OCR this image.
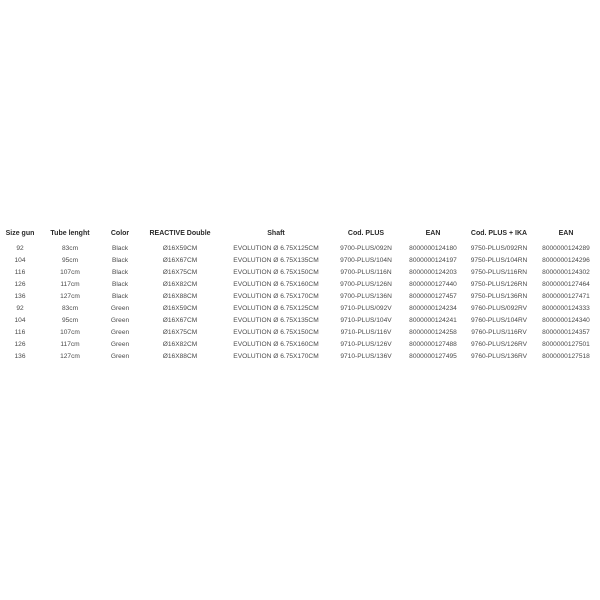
Size gun	Tube lenght	Color	REACTIVE Double	Shaft	Cod. PLUS	EAN	Cod. PLUS + IKA	EAN
92	83cm	Black	Ø16X59CM	EVOLUTION Ø 6.75X125CM	9700-PLUS/092N	8000000124180	9750-PLUS/092RN	8000000124289
104	95cm	Black	Ø16X67CM	EVOLUTION Ø 6.75X135CM	9700-PLUS/104N	8000000124197	9750-PLUS/104RN	8000000124296
116	107cm	Black	Ø16X75CM	EVOLUTION Ø 6.75X150CM	9700-PLUS/116N	8000000124203	9750-PLUS/116RN	8000000124302
126	117cm	Black	Ø16X82CM	EVOLUTION Ø 6.75X160CM	9700-PLUS/126N	8000000127440	9750-PLUS/126RN	8000000127464
136	127cm	Black	Ø16X88CM	EVOLUTION Ø 6.75X170CM	9700-PLUS/136N	8000000127457	9750-PLUS/136RN	8000000127471
92	83cm	Green	Ø16X59CM	EVOLUTION Ø 6.75X125CM	9710-PLUS/092V	8000000124234	9760-PLUS/092RV	8000000124333
104	95cm	Green	Ø16X67CM	EVOLUTION Ø 6.75X135CM	9710-PLUS/104V	8000000124241	9760-PLUS/104RV	8000000124340
116	107cm	Green	Ø16X75CM	EVOLUTION Ø 6.75X150CM	9710-PLUS/116V	8000000124258	9760-PLUS/116RV	8000000124357
126	117cm	Green	Ø16X82CM	EVOLUTION Ø 6.75X160CM	9710-PLUS/126V	8000000127488	9760-PLUS/126RV	8000000127501
136	127cm	Green	Ø16X88CM	EVOLUTION Ø 6.75X170CM	9710-PLUS/136V	8000000127495	9760-PLUS/136RV	8000000127518
